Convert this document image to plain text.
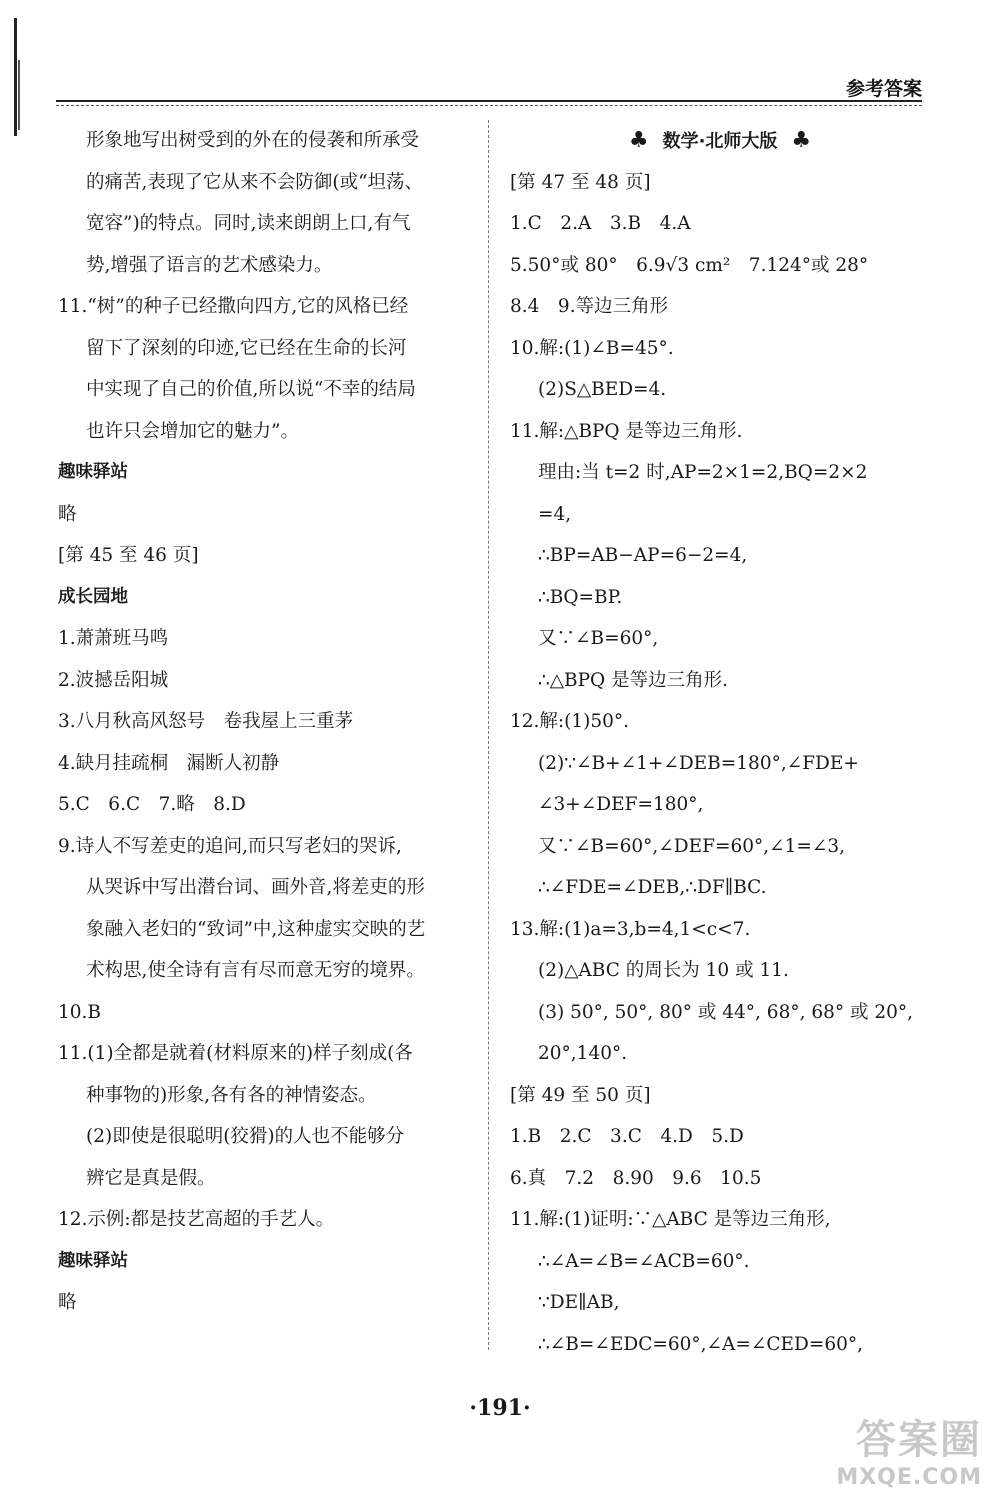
参考答案
形象地写出树受到的外在的侵袭和所承受
的痛苦,表现了它从来不会防御(或“坦荡、
宽容”)的特点。同时,读来朗朗上口,有气
势,增强了语言的艺术感染力。
11.“树”的种子已经撒向四方,它的风格已经
留下了深刻的印迹,它已经在生命的长河
中实现了自己的价值,所以说“不幸的结局
也许只会增加它的魅力”。
趣味驿站
略
[第 45 至 46 页]
成长园地
1.萧萧班马鸣
2.波撼岳阳城
3.八月秋高风怒号　卷我屋上三重茅
4.缺月挂疏桐　漏断人初静
5.C　6.C　7.略　8.D
9.诗人不写差吏的追问,而只写老妇的哭诉,
从哭诉中写出潜台词、画外音,将差吏的形
象融入老妇的“致词”中,这种虚实交映的艺
术构思,使全诗有言有尽而意无穷的境界。
10.B
11.(1)全都是就着(材料原来的)样子刻成(各
种事物的)形象,各有各的神情姿态。
(2)即使是很聪明(狡猾)的人也不能够分
辨它是真是假。
12.示例:都是技艺高超的手艺人。
趣味驿站
略
♣ 数学·北师大版 ♣
[第 47 至 48 页]
1.C　2.A　3.B　4.A
5.50°或 80°　6.9√3 cm²　7.124°或 28°
8.4　9.等边三角形
10.解:(1)∠B=45°.
(2)S△BED=4.
11.解:△BPQ 是等边三角形.
理由:当 t=2 时,AP=2×1=2,BQ=2×2
=4,
∴BP=AB−AP=6−2=4,
∴BQ=BP.
又∵∠B=60°,
∴△BPQ 是等边三角形.
12.解:(1)50°.
(2)∵∠B+∠1+∠DEB=180°,∠FDE+
∠3+∠DEF=180°,
又∵∠B=60°,∠DEF=60°,∠1=∠3,
∴∠FDE=∠DEB,∴DF∥BC.
13.解:(1)a=3,b=4,1<c<7.
(2)△ABC 的周长为 10 或 11.
(3) 50°, 50°, 80° 或 44°, 68°, 68° 或 20°,
20°,140°.
[第 49 至 50 页]
1.B　2.C　3.C　4.D　5.D
6.真　7.2　8.90　9.6　10.5
11.解:(1)证明:∵△ABC 是等边三角形,
∴∠A=∠B=∠ACB=60°.
∵DE∥AB,
∴∠B=∠EDC=60°,∠A=∠CED=60°,
·191·
答案圈
MXQE.COM
